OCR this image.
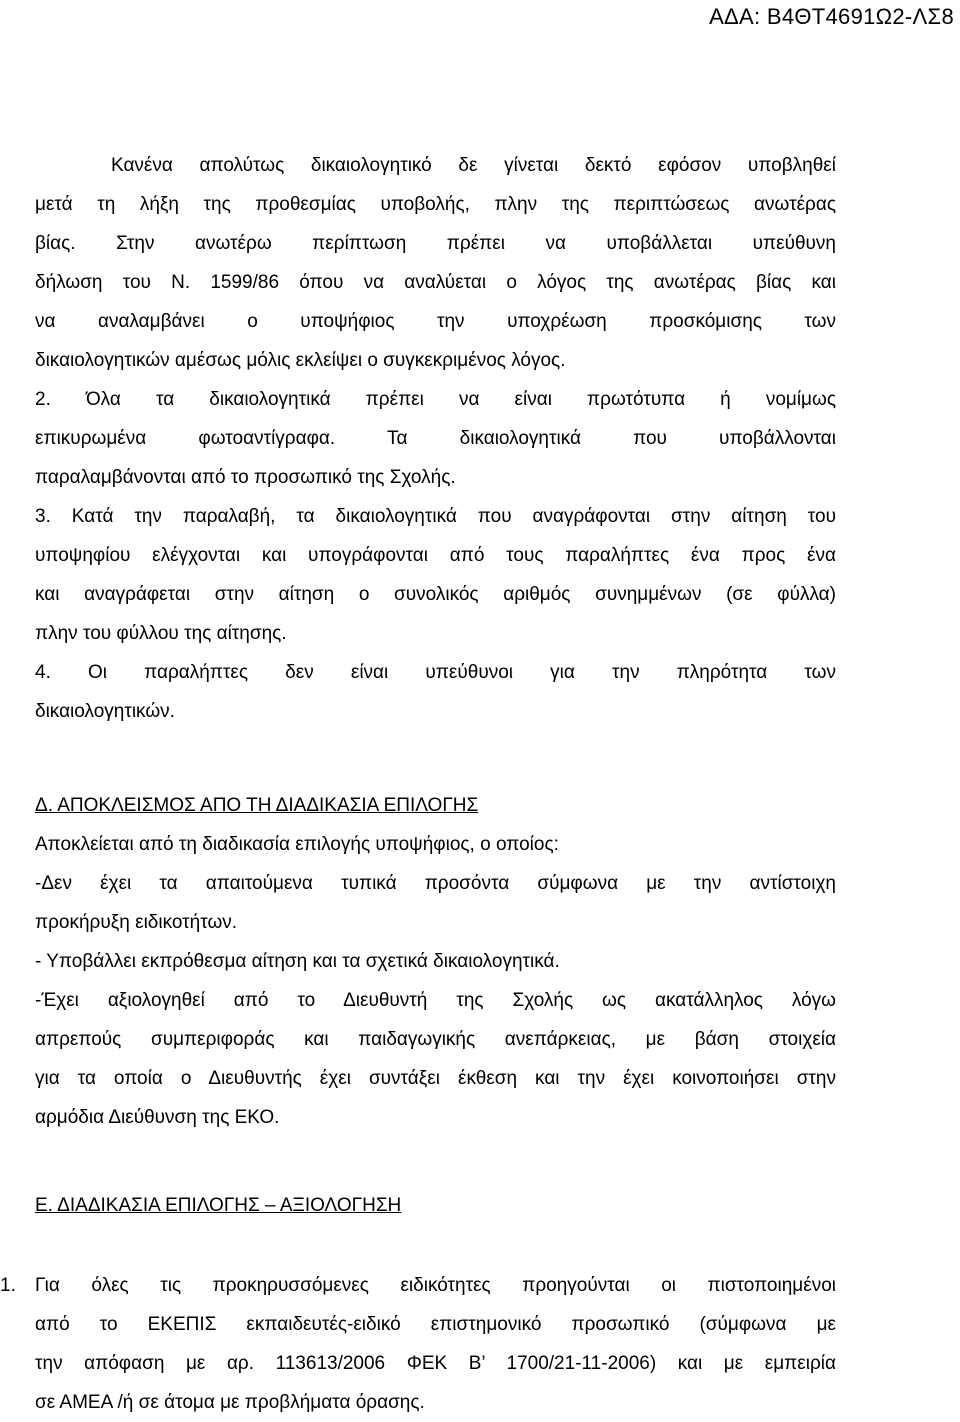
ΑΔΑ: Β4ΘΤ4691Ω2-ΛΣ8
Κανένα απολύτως δικαιολογητικό δε γίνεται δεκτό εφόσον υποβληθεί
μετά τη λήξη της προθεσμίας υποβολής, πλην της περιπτώσεως ανωτέρας
βίας. Στην ανωτέρω περίπτωση πρέπει να υποβάλλεται υπεύθυνη
δήλωση του Ν. 1599/86 όπου να αναλύεται ο λόγος της ανωτέρας βίας και
να αναλαμβάνει ο υποψήφιος την υποχρέωση προσκόμισης των
δικαιολογητικών αμέσως μόλις εκλείψει ο συγκεκριμένος λόγος.
2. Όλα τα δικαιολογητικά πρέπει να είναι πρωτότυπα ή νομίμως
επικυρωμένα φωτοαντίγραφα. Τα δικαιολογητικά που υποβάλλονται
παραλαμβάνονται από το προσωπικό της Σχολής.
3. Κατά την παραλαβή, τα δικαιολογητικά που αναγράφονται στην αίτηση του
υποψηφίου ελέγχονται και υπογράφονται από τους παραλήπτες ένα προς ένα
και αναγράφεται στην αίτηση ο συνολικός αριθμός συνημμένων (σε φύλλα)
πλην του φύλλου της αίτησης.
4. Οι παραλήπτες δεν είναι υπεύθυνοι για την πληρότητα των
δικαιολογητικών.
Δ. ΑΠΟΚΛΕΙΣΜΟΣ ΑΠΟ ΤΗ ΔΙΑΔΙΚΑΣΙΑ ΕΠΙΛΟΓΗΣ
Αποκλείεται από τη διαδικασία επιλογής υποψήφιος, ο οποίος:
-Δεν έχει τα απαιτούμενα τυπικά προσόντα σύμφωνα με την αντίστοιχη
προκήρυξη ειδικοτήτων.
- Υποβάλλει εκπρόθεσμα αίτηση και τα σχετικά δικαιολογητικά.
-Έχει αξιολογηθεί από το Διευθυντή της Σχολής ως ακατάλληλος λόγω
απρεπούς συμπεριφοράς και παιδαγωγικής ανεπάρκειας, με βάση στοιχεία
για τα οποία ο Διευθυντής έχει συντάξει έκθεση και την έχει κοινοποιήσει στην
αρμόδια Διεύθυνση της ΕΚΟ.
Ε. ΔΙΑΔΙΚΑΣΙΑ ΕΠΙΛΟΓΗΣ – ΑΞΙΟΛΟΓΗΣΗ
1. Για όλες τις προκηρυσσόμενες ειδικότητες προηγούνται οι πιστοποιημένοι
από το ΕΚΕΠΙΣ εκπαιδευτές-ειδικό επιστημονικό προσωπικό (σύμφωνα με
την απόφαση με αρ. 113613/2006 ΦΕΚ Β’ 1700/21-11-2006) και με εμπειρία
σε ΑΜΕΑ /ή σε άτομα με προβλήματα όρασης.
